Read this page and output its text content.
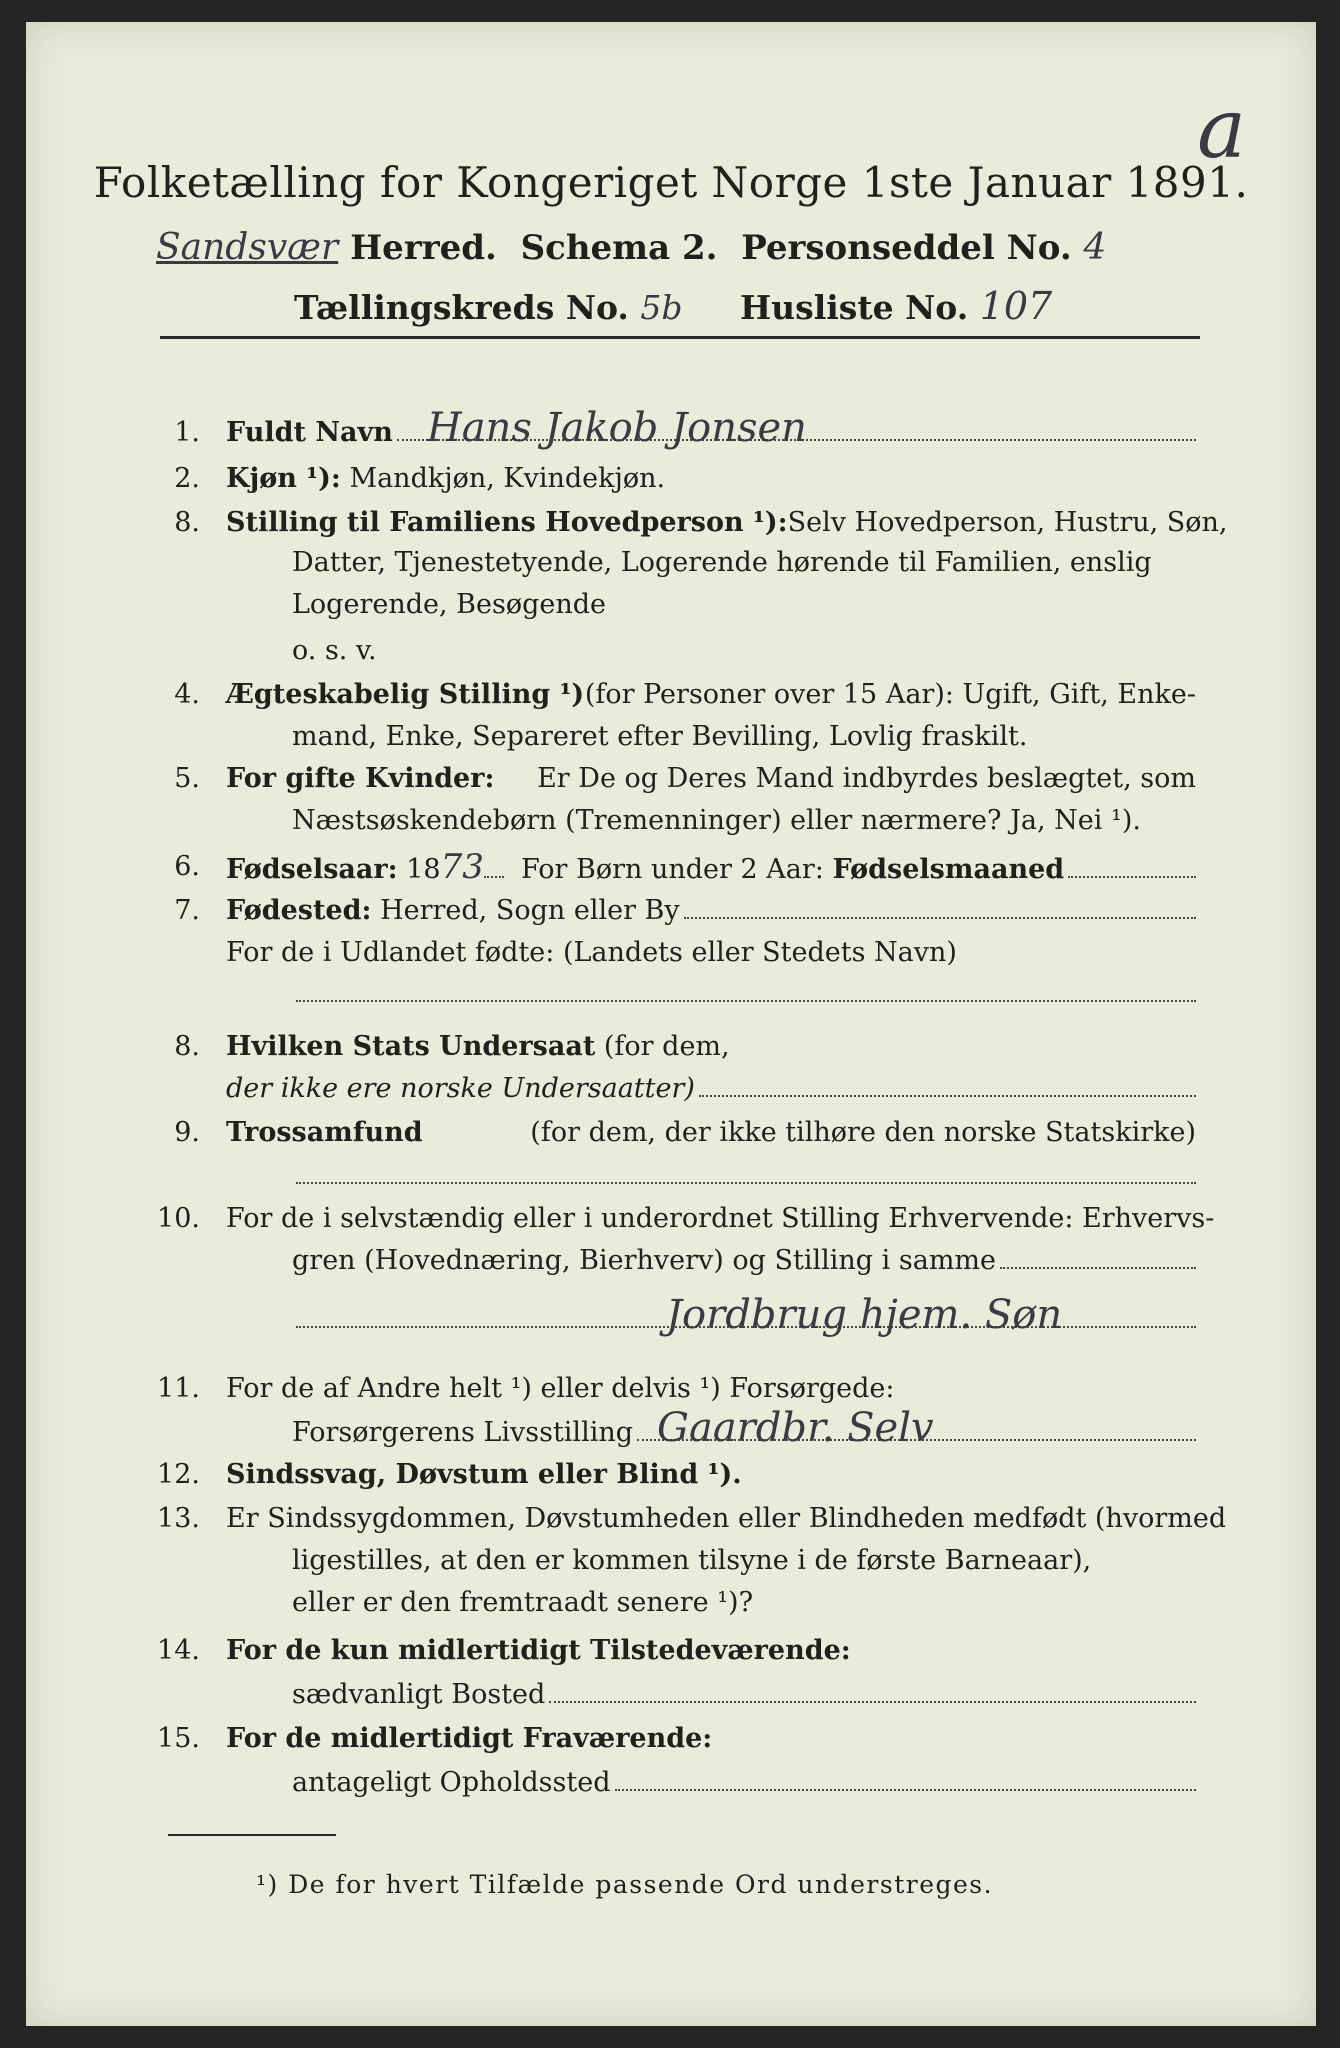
a
Folketælling for Kongeriget Norge 1ste Januar 1891.
Sandsvær Herred. Schema 2. Personseddel No. 4
Tællingskreds No. 5b Husliste No. 107
1. Fuldt Navn Hans Jakob Jonsen
2. Kjøn ¹): Mandkjøn, Kvindekjøn.
8. Stilling til Familiens Hovedperson ¹): Selv Hovedperson, Hustru, Søn,
Datter, Tjenestetyende, Logerende hørende til Familien, enslig
Logerende, Besøgende
o. s. v.
4. Ægteskabelig Stilling ¹) (for Personer over 15 Aar): Ugift, Gift, Enke-
mand, Enke, Separeret efter Bevilling, Lovlig fraskilt.
5. For gifte Kvinder: Er De og Deres Mand indbyrdes beslægtet, som
Næstsøskendebørn (Tremenninger) eller nærmere? Ja, Nei ¹).
6. Fødselsaar:
18 73
For Børn under 2 Aar:
Fødselsmaaned
7. Fødested:
Herred, Sogn eller By
For de i Udlandet fødte: (Landets eller Stedets Navn)
8. Hvilken Stats Undersaat (for dem,
der ikke ere norske Undersaatter)
9. Trossamfund	(for dem, der ikke tilhøre den norske Statskirke)
10. For de i selvstændig eller i underordnet Stilling Erhvervende: Erhvervs-
gren (Hovednæring, Bierhverv) og Stilling i samme
Jordbrug hjem. Søn
11. For de af Andre helt ¹) eller delvis ¹) Forsørgede:
Forsørgerens Livsstilling Gaardbr. Selv
12. Sindssvag, Døvstum eller Blind ¹).
13. Er Sindssygdommen, Døvstumheden eller Blindheden medfødt (hvormed
ligestilles, at den er kommen tilsyne i de første Barneaar),
eller er den fremtraadt senere ¹)?
14. For de kun midlertidigt Tilstedeværende:
sædvanligt Bosted
15. For de midlertidigt Fraværende:
antageligt Opholdssted
¹) De for hvert Tilfælde passende Ord understreges.
